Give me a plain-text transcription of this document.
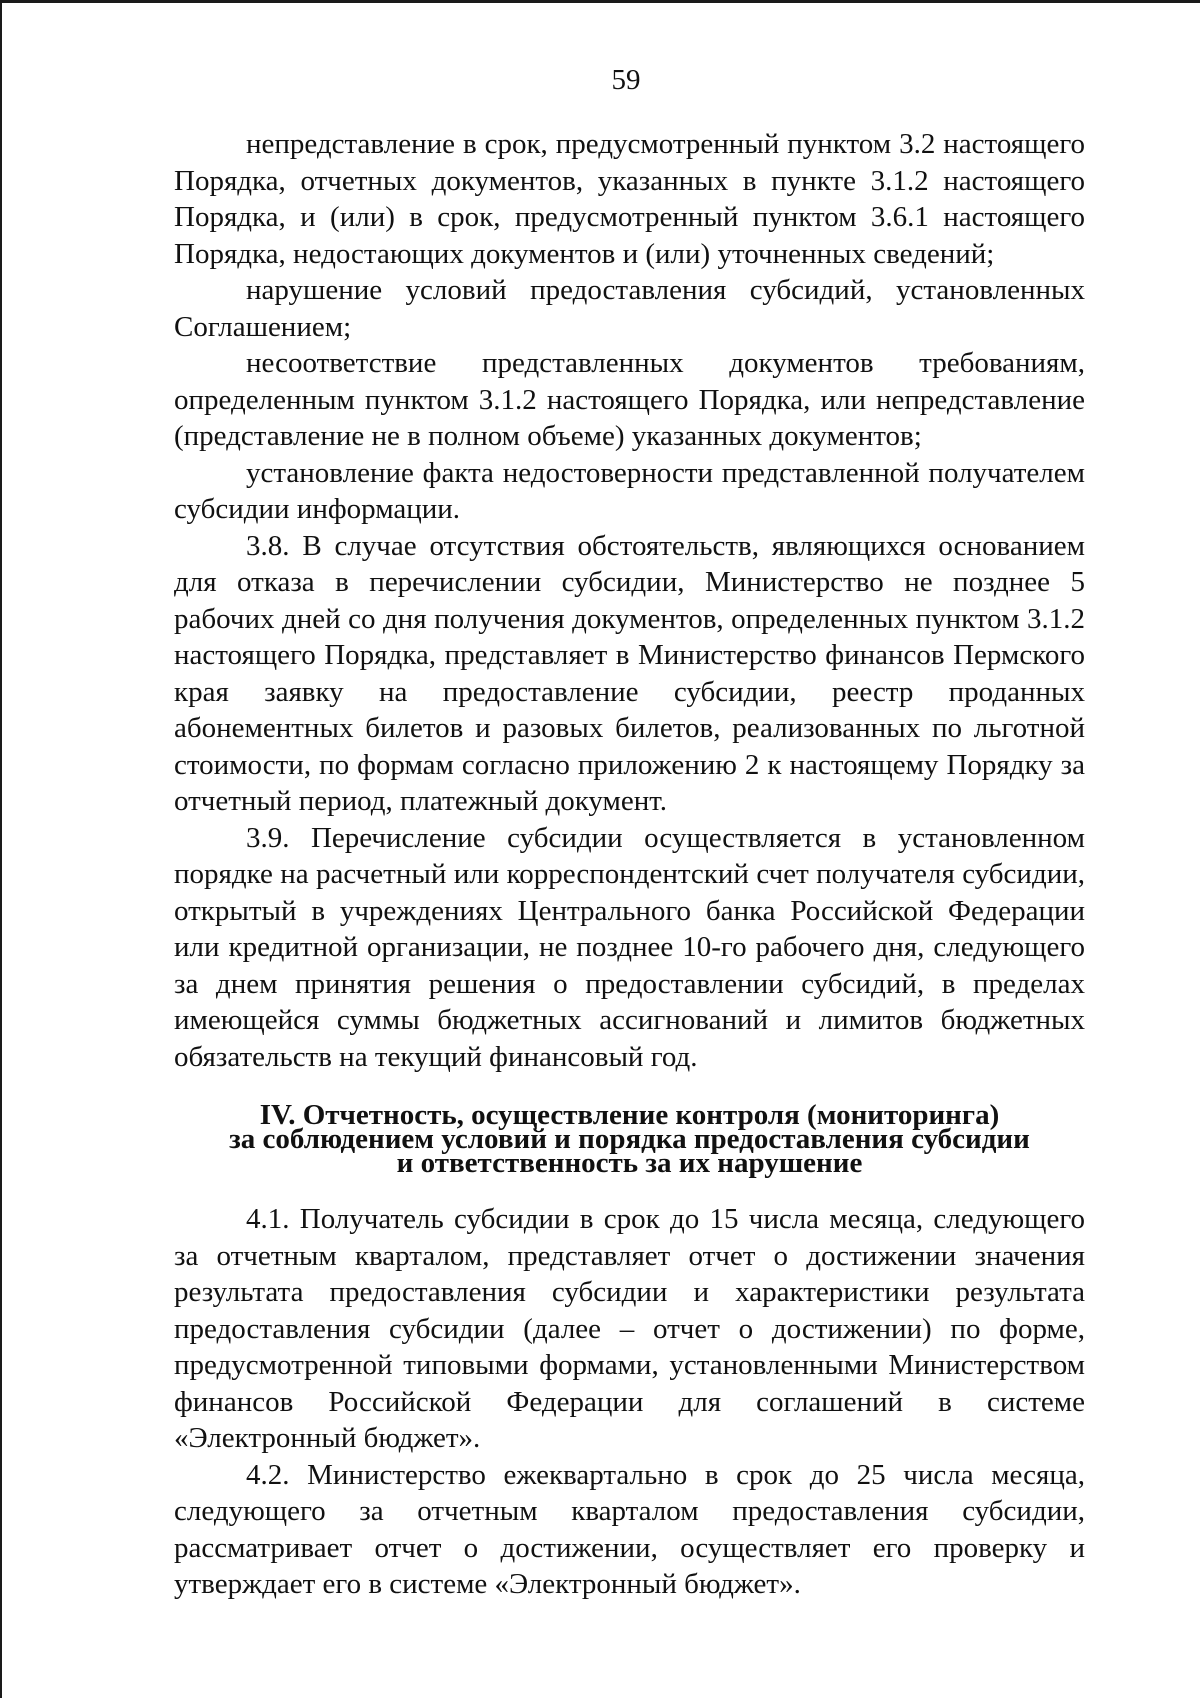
59

непредставление в срок, предусмотренный пунктом 3.2 настоящего Порядка, отчетных документов, указанных в пункте 3.1.2 настоящего Порядка, и (или) в срок, предусмотренный пунктом 3.6.1 настоящего Порядка, недостающих документов и (или) уточненных сведений;

нарушение условий предоставления субсидий, установленных Соглашением;

несоответствие представленных документов требованиям, определенным пунктом 3.1.2 настоящего Порядка, или непредставление (представление не в полном объеме) указанных документов;

установление факта недостоверности представленной получателем субсидии информации.

3.8. В случае отсутствия обстоятельств, являющихся основанием для отказа в перечислении субсидии, Министерство не позднее 5 рабочих дней со дня получения документов, определенных пунктом 3.1.2 настоящего Порядка, представляет в Министерство финансов Пермского края заявку на предоставление субсидии, реестр проданных абонементных билетов и разовых билетов, реализованных по льготной стоимости, по формам согласно приложению 2 к настоящему Порядку за отчетный период, платежный документ.

3.9. Перечисление субсидии осуществляется в установленном порядке на расчетный или корреспондентский счет получателя субсидии, открытый в учреждениях Центрального банка Российской Федерации или кредитной организации, не позднее 10-го рабочего дня, следующего за днем принятия решения о предоставлении субсидий, в пределах имеющейся суммы бюджетных ассигнований и лимитов бюджетных обязательств на текущий финансовый год.

IV. Отчетность, осуществление контроля (мониторинга)
за соблюдением условий и порядка предоставления субсидии
и ответственность за их нарушение

4.1. Получатель субсидии в срок до 15 числа месяца, следующего за отчетным кварталом, представляет отчет о достижении значения результата предоставления субсидии и характеристики результата предоставления субсидии (далее – отчет о достижении) по форме, предусмотренной типовыми формами, установленными Министерством финансов Российской Федерации для соглашений в системе «Электронный бюджет».

4.2. Министерство ежеквартально в срок до 25 числа месяца, следующего за отчетным кварталом предоставления субсидии, рассматривает отчет о достижении, осуществляет его проверку и утверждает его в системе «Электронный бюджет».
